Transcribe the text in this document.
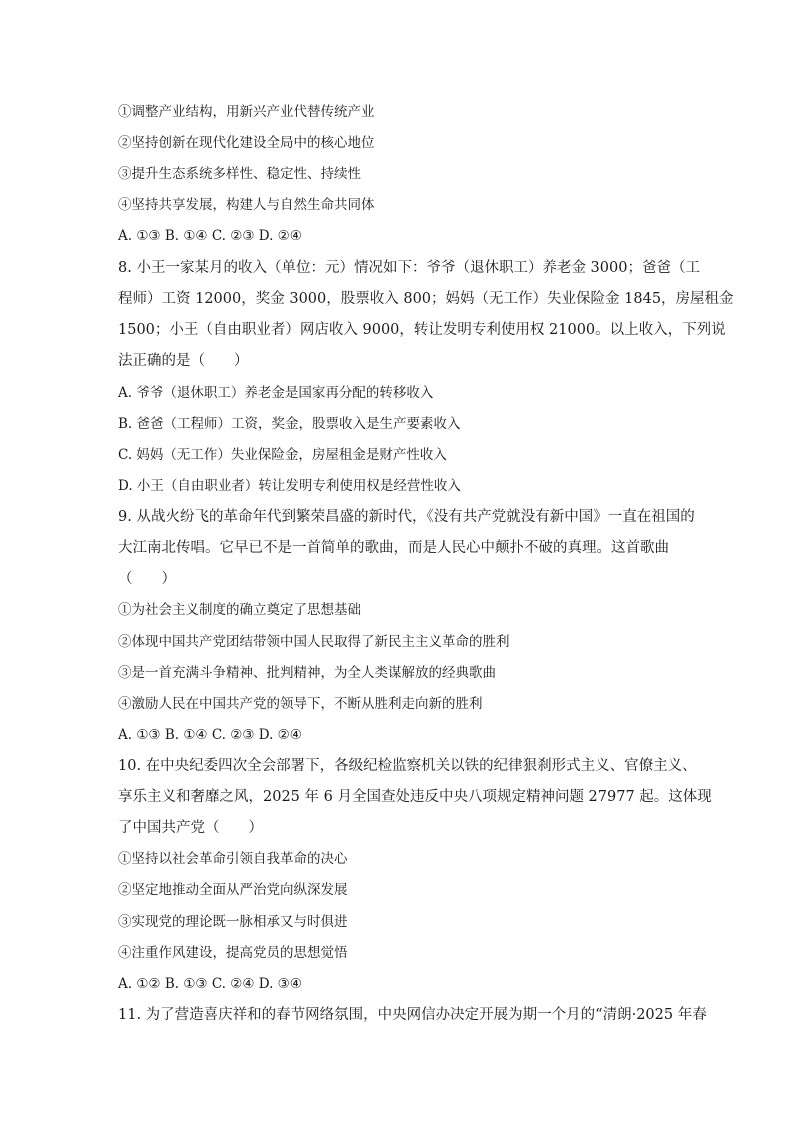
①调整产业结构，用新兴产业代替传统产业
②坚持创新在现代化建设全局中的核心地位
③提升生态系统多样性、稳定性、持续性
④坚持共享发展，构建人与自然生命共同体
A. ①③ B. ①④ C. ②③ D. ②④
8. 小王一家某月的收入（单位：元）情况如下：爷爷（退休职工）养老金 3000；爸爸（工
程师）工资 12000，奖金 3000，股票收入 800；妈妈（无工作）失业保险金 1845，房屋租金
1500；小王（自由职业者）网店收入 9000，转让发明专利使用权 21000。以上收入，下列说
法正确的是（　　）
A. 爷爷（退休职工）养老金是国家再分配的转移收入
B. 爸爸（工程师）工资，奖金，股票收入是生产要素收入
C. 妈妈（无工作）失业保险金，房屋租金是财产性收入
D. 小王（自由职业者）转让发明专利使用权是经营性收入
9. 从战火纷飞的革命年代到繁荣昌盛的新时代，《没有共产党就没有新中国》一直在祖国的
大江南北传唱。它早已不是一首简单的歌曲，而是人民心中颠扑不破的真理。这首歌曲
（　　）
①为社会主义制度的确立奠定了思想基础
②体现中国共产党团结带领中国人民取得了新民主主义革命的胜利
③是一首充满斗争精神、批判精神，为全人类谋解放的经典歌曲
④激励人民在中国共产党的领导下，不断从胜利走向新的胜利
A. ①③ B. ①④ C. ②③ D. ②④
10. 在中央纪委四次全会部署下，各级纪检监察机关以铁的纪律狠刹形式主义、官僚主义、
享乐主义和奢靡之风，2025 年 6 月全国查处违反中央八项规定精神问题 27977 起。这体现
了中国共产党（　　）
①坚持以社会革命引领自我革命的决心
②坚定地推动全面从严治党向纵深发展
③实现党的理论既一脉相承又与时俱进
④注重作风建设，提高党员的思想觉悟
A. ①② B. ①③ C. ②④ D. ③④
11. 为了营造喜庆祥和的春节网络氛围，中央网信办决定开展为期一个月的“清朗·2025 年春
